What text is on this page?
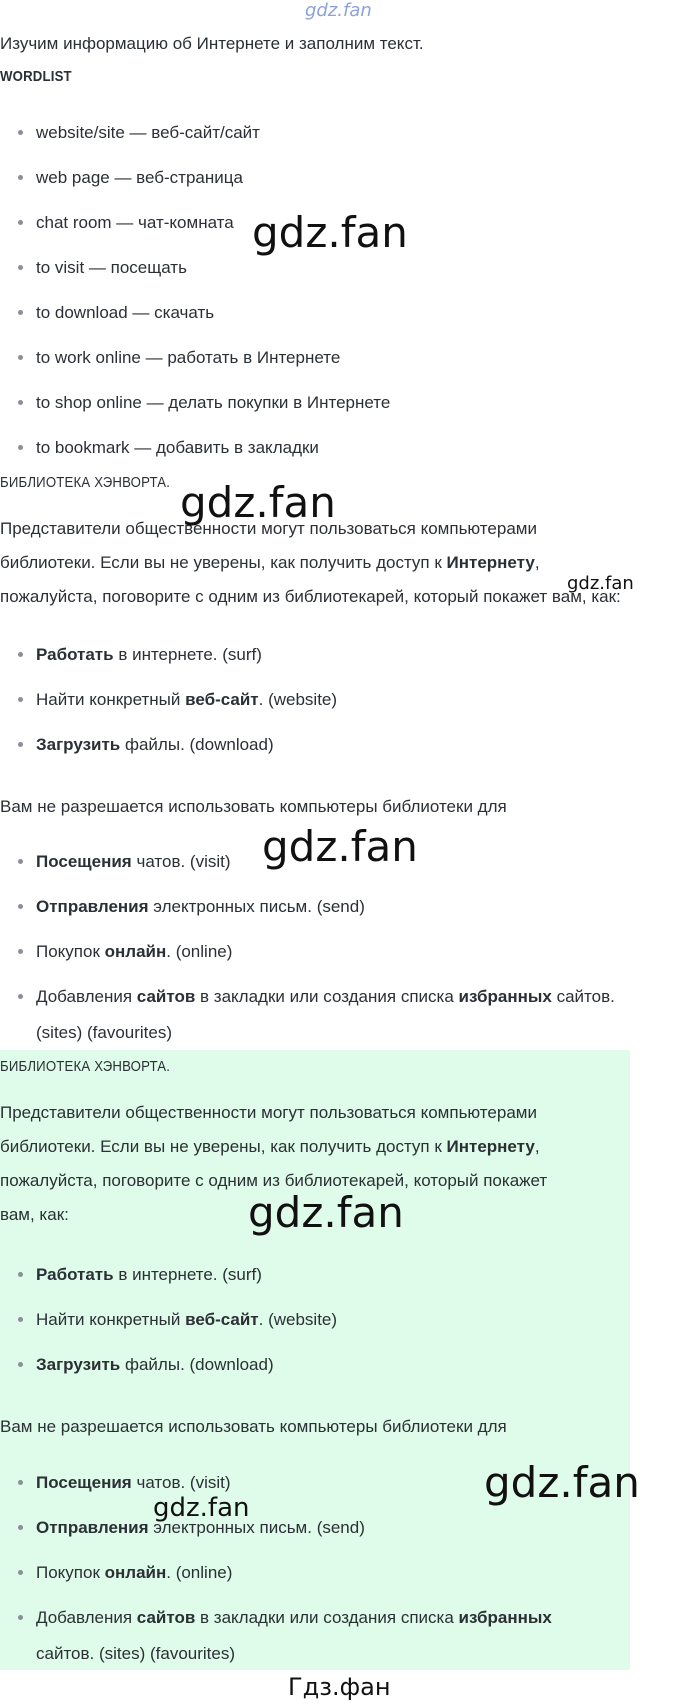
gdz.fan

Изучим информацию об Интернете и заполним текст.

WORDLIST
website/site — веб-сайт/сайт
web page — веб-страница
chat room — чат-комната
to visit — посещать
to download — скачать
to work online — работать в Интернете
to shop online — делать покупки в Интернете
to bookmark — добавить в закладки
БИБЛИОТЕКА ХЭНВОРТА.

Представители общественности могут пользоваться компьютерами

библиотеки. Если вы не уверены, как получить доступ к Интернету,

пожалуйста, поговорите с одним из библиотекарей, который покажет вам, как:

Работать в интернете. (surf)
Найти конкретный веб-сайт. (website)
Загрузить файлы. (download)

Вам не разрешается использовать компьютеры библиотеки для

Посещения чатов. (visit)
Отправления электронных письм. (send)
Покупок онлайн. (online)
Добавления сайтов в закладки или создания списка избранных сайтов.
(sites) (favourites)
БИБЛИОТЕКА ХЭНВОРТА.

Представители общественности могут пользоваться компьютерами

библиотеки. Если вы не уверены, как получить доступ к Интернету,

пожалуйста, поговорите с одним из библиотекарей, который покажет

вам, как:

Работать в интернете. (surf)
Найти конкретный веб-сайт. (website)
Загрузить файлы. (download)

Вам не разрешается использовать компьютеры библиотеки для

Посещения чатов. (visit)
Отправления электронных письм. (send)
Покупок онлайн. (online)
Добавления сайтов в закладки или создания списка избранных
сайтов. (sites) (favourites)
gdz.fan
gdz.fan
gdz.fan
gdz.fan
gdz.fan
gdz.fan
gdz.fan
Гдз.фан
